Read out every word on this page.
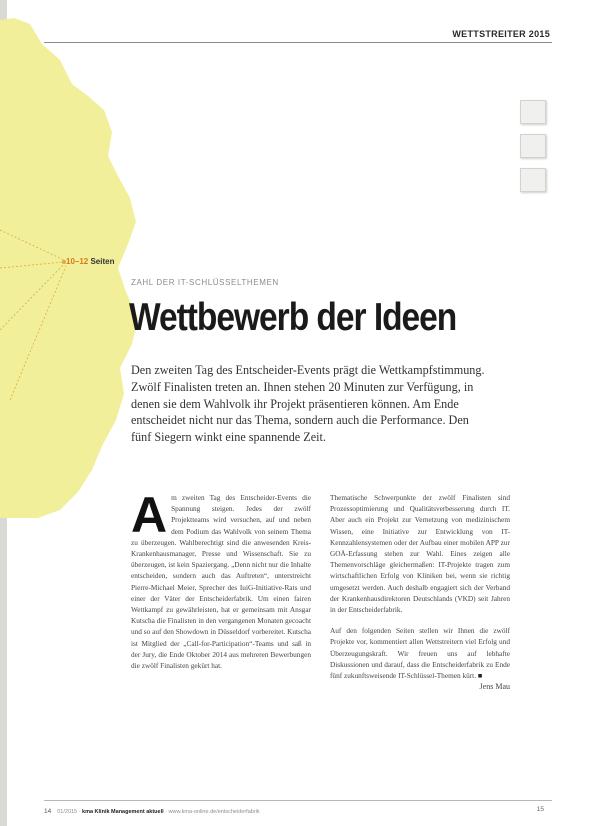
10–12 Seiten
WETTSTREITER 2015
ZAHL DER IT-SCHLÜSSELTHEMEN
Wettbewerb der Ideen

Den zweiten Tag des Entscheider-Events prägt die Wettkampfstimmung. Zwölf Finalisten treten an. Ihnen stehen 20 Minuten zur Verfügung, in denen sie dem Wahlvolk ihr Projekt präsentieren können. Am Ende entscheidet nicht nur das Thema, sondern auch die Performance. Den fünf Siegern winkt eine spannende Zeit.

Am zweiten Tag des Entscheider-Events die Spannung steigen. Jedes der zwölf Projektteams wird versuchen, auf und neben dem Podium das Wahlvolk von seinem Thema zu überzeugen. Wahlberechtigt sind die anwesenden Kreis-Krankenhausmanager, Presse und Wissenschaft. Sie zu überzeugen, ist kein Spaziergang. „Denn nicht nur die Inhalte entscheiden, sondern auch das Auftreten“, unterstreicht Pierre-Michael Meier, Sprecher des IuiG-Initiative-Rats und einer der Väter der Entscheiderfabrik. Um einen fairen Wettkampf zu gewährleisten, hat er gemeinsam mit Ansgar Kutscha die Finalisten in den vergangenen Monaten gecoacht und so auf den Showdown in Düsseldorf vorbereitet. Kutscha ist Mitglied der „Call-for-Participation“-Teams und saß in der Jury, die Ende Oktober 2014 aus mehreren Bewerbungen die zwölf Finalisten gekürt hat.

Thematische Schwerpunkte der zwölf Finalisten sind Prozessoptimierung und Qualitätsverbesserung durch IT. Aber auch ein Projekt zur Vernetzung von medizinischem Wissen, eine Initiative zur Entwicklung von IT-Kennzahlensystemen oder der Aufbau einer mobilen APP zur GOÄ-Erfassung stehen zur Wahl. Eines zeigen alle Themenvorschläge gleichermaßen: IT-Projekte tragen zum wirtschaftlichen Erfolg von Kliniken bei, wenn sie richtig umgesetzt werden. Auch deshalb engagiert sich der Verband der Krankenhausdirektoren Deutschlands (VKD) seit Jahren in der Entscheiderfabrik.

Auf den folgenden Seiten stellen wir Ihnen die zwölf Projekte vor, kommentiert allen Wettstreitern viel Erfolg und Überzeugungskraft. Wir freuen uns auf lebhafte Diskussionen und darauf, dass die Entscheiderfabrik zu Ende fünf zukunftsweisende IT-Schlüssel-Themen kürt. ■

Jens Mau
14 01/2015 · kma Klinik Management aktuell · www.kma-online.de/entscheiderfabrik	15
